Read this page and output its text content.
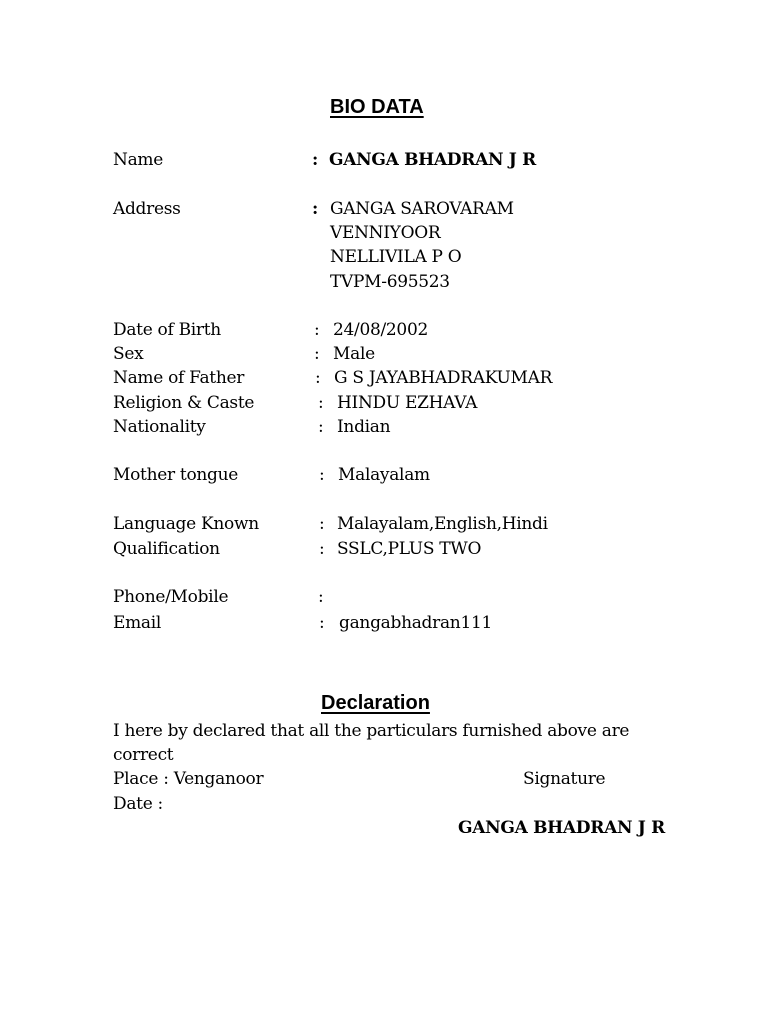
BIO DATA
Name	: GANGA BHADRAN J R
Address	: GANGA SAROVARAM
VENNIYOOR
NELLIVILA P O
TVPM-695523
Date of Birth	: 24/08/2002
Sex	: Male
Name of Father	: G S JAYABHADRAKUMAR
Religion & Caste	: HINDU EZHAVA
Nationality	: Indian
Mother tongue	: Malayalam
Language Known	: Malayalam,English,Hindi
Qualification	: SSLC,PLUS TWO
Phone/Mobile	:
Email	: gangabhadran111
Declaration
I here by declared that all the particulars furnished above are
correct
Place : Venganoor	Signature
Date :
GANGA BHADRAN J R
